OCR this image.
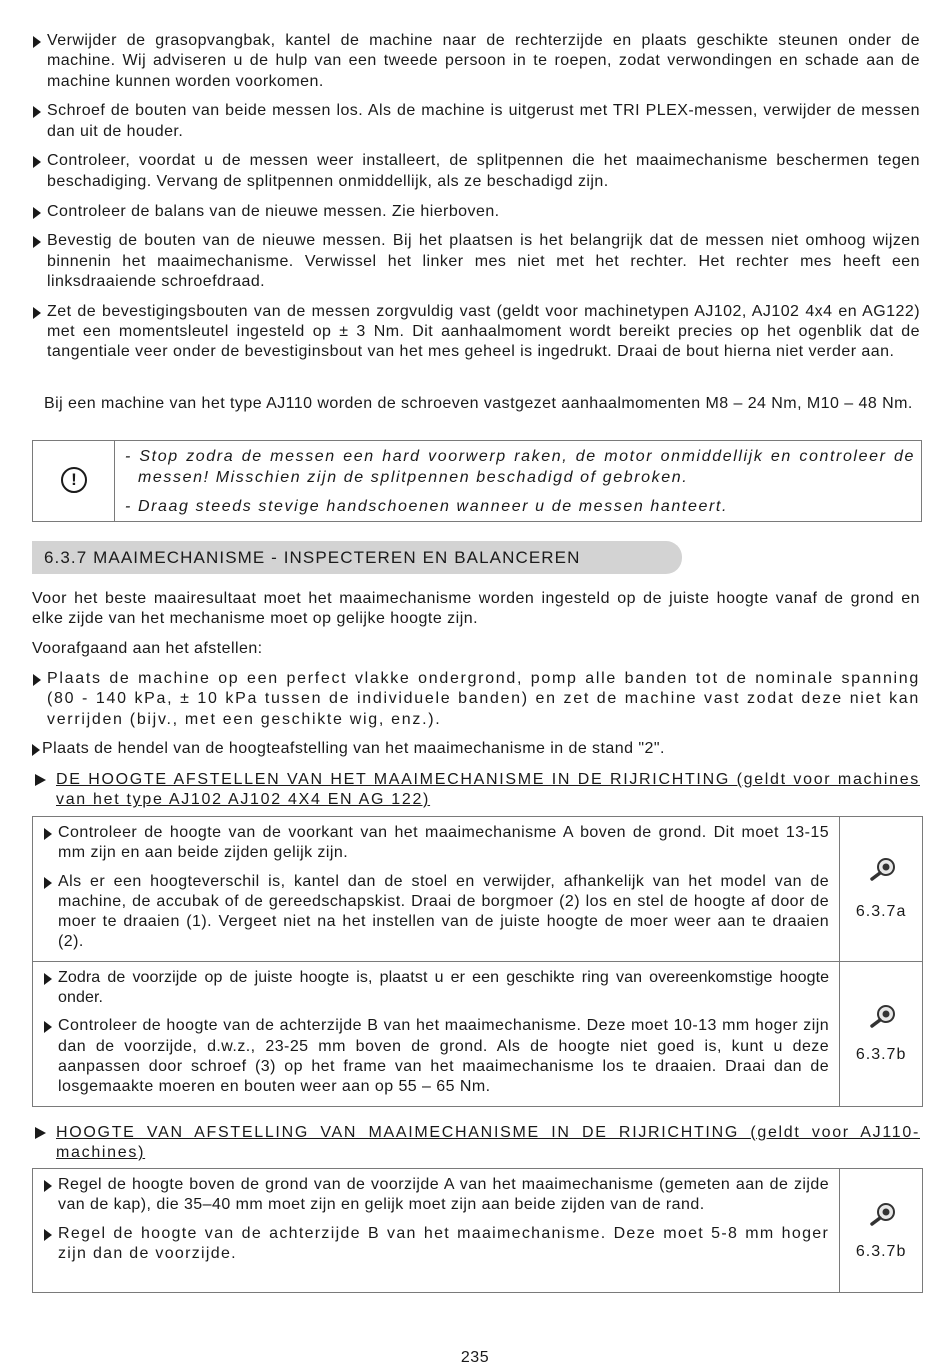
Verwijder de grasopvangbak, kantel de machine naar de rechterzijde en plaats geschikte steunen onder de machine. Wij adviseren u de hulp van een tweede persoon in te roepen, zodat verwondingen en schade aan de machine kunnen worden voorkomen.
Schroef de bouten van beide messen los. Als de machine is uitgerust met TRI PLEX-messen, verwijder de messen dan uit de houder.
Controleer, voordat u de messen weer installeert, de splitpennen die het maaimechanisme beschermen tegen beschadiging. Vervang de splitpennen onmiddellijk, als ze beschadigd zijn.
Controleer de balans van de nieuwe messen. Zie hierboven.
Bevestig de bouten van de nieuwe messen. Bij het plaatsen is het belangrijk dat de messen niet omhoog wijzen binnenin het maaimechanisme. Verwissel het linker mes niet met het rechter. Het rechter mes heeft een linksdraaiende schroefdraad.
Zet de bevestigingsbouten van de messen zorgvuldig vast (geldt voor machinetypen AJ102, AJ102 4x4 en AG122) met een momentsleutel ingesteld op ± 3 Nm. Dit aanhaalmoment wordt bereikt precies op het ogenblik dat de tangentiale veer onder de bevestiginsbout van het mes geheel is ingedrukt. Draai de bout hierna niet verder aan.
Bij een machine van het type AJ110 worden de schroeven vastgezet aanhaalmomenten M8 – 24 Nm, M10 – 48 Nm.
!

- Stop zodra de messen een hard voorwerp raken, de motor onmiddellijk en controleer de messen! Misschien zijn de splitpennen beschadigd of gebroken.

- Draag steeds stevige handschoenen wanneer u de messen hanteert.

6.3.7 MAAIMECHANISME - INSPECTEREN EN BALANCEREN
Voor het beste maairesultaat moet het maaimechanisme worden ingesteld op de juiste hoogte vanaf de grond en elke zijde van het mechanisme moet op gelijke hoogte zijn.
Voorafgaand aan het afstellen:
Plaats de machine op een perfect vlakke ondergrond, pomp alle banden tot de nominale spanning (80 - 140 kPa, ± 10 kPa tussen de individuele banden) en zet de machine vast zodat deze niet kan verrijden (bijv., met een geschikte wig, enz.).
Plaats de hendel van de hoogteafstelling van het maaimechanisme in de stand "2".
DE HOOGTE AFSTELLEN VAN HET MAAIMECHANISME IN DE RIJRICHTING (geldt voor machines van het type AJ102 AJ102 4X4 EN AG 122)
Controleer de hoogte van de voorkant van het maaimechanisme A boven de grond. Dit moet 13-15 mm zijn en aan beide zijden gelijk zijn.
Als er een hoogteverschil is, kantel dan de stoel en verwijder, afhankelijk van het model van de machine, de accubak of de gereedschapskist. Draai de borgmoer (2) los en stel de hoogte af door de moer te draaien (1). Vergeet niet na het instellen van de juiste hoogte de moer weer aan te draaien (2).	6.3.7a

Zodra de voorzijde op de juiste hoogte is, plaatst u er een geschikte ring van overeenkomstige hoogte onder.
Controleer de hoogte van de achterzijde B van het maaimechanisme. Deze moet 10-13 mm hoger zijn dan de voorzijde, d.w.z., 23-25 mm boven de grond. Als de hoogte niet goed is, kunt u deze aanpassen door schroef (3) op het frame van het maaimechanisme los te draaien. Draai dan de losgemaakte moeren en bouten weer aan op 55 – 65 Nm.	6.3.7b
HOOGTE VAN AFSTELLING VAN MAAIMECHANISME IN DE RIJRICHTING (geldt voor AJ110-machines)
Regel de hoogte boven de grond van de voorzijde A van het maaimechanisme (gemeten aan de zijde van de kap), die 35–40 mm moet zijn en gelijk moet zijn aan beide zijden van de rand.
Regel de hoogte van de achterzijde B van het maaimechanisme. Deze moet 5-8 mm hoger zijn dan de voorzijde.	6.3.7b
235
